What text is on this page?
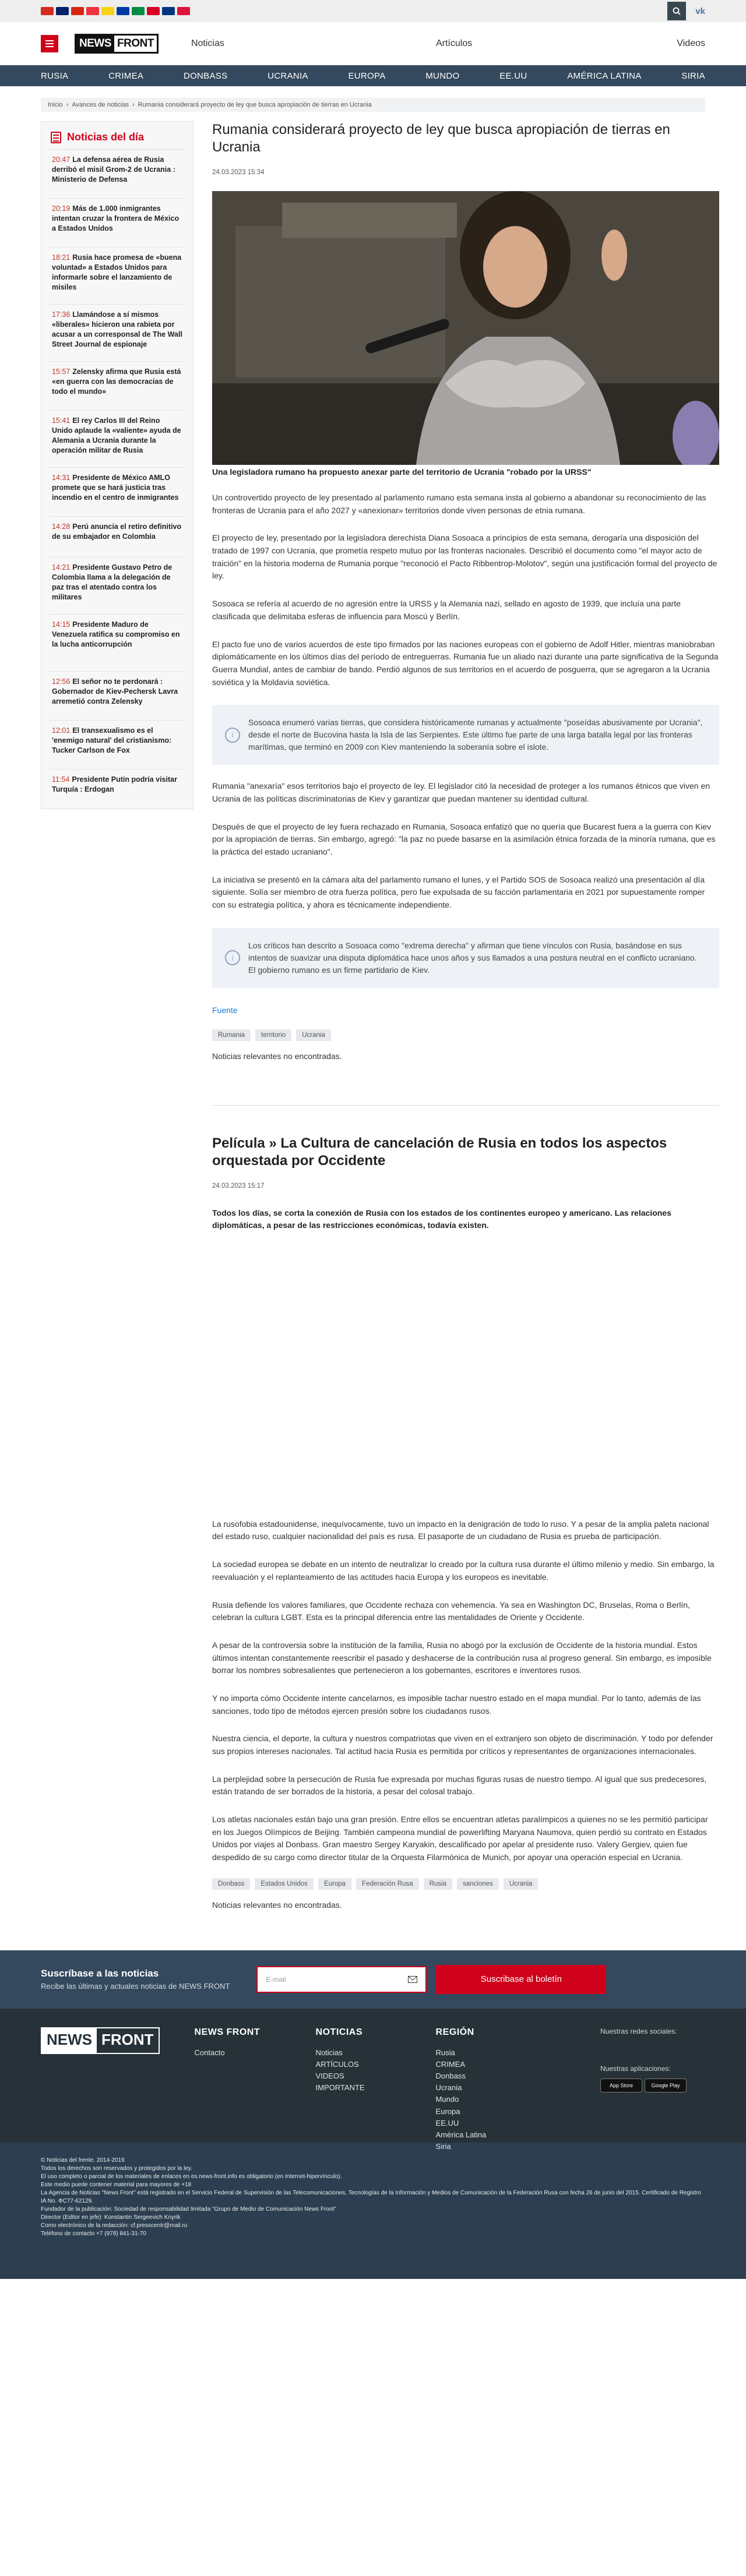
vk
NEWS FRONT	Noticias	Artículos	Videos
RUSIA	CRIMEA	DONBASS	UCRANIA	EUROPA	MUNDO	EE.UU	AMÉRICA LATINA	SIRIA
Inicio › Avances de noticias › Rumania considerará proyecto de ley que busca apropiación de tierras en Ucrania
Noticias del día
20:47 La defensa aérea de Rusia derribó el misil Grom-2 de Ucrania : Ministerio de Defensa
20:19 Más de 1.000 inmigrantes intentan cruzar la frontera de México a Estados Unidos
18:21 Rusia hace promesa de «buena voluntad» a Estados Unidos para informarle sobre el lanzamiento de misiles
17:36 Llamándose a sí mismos «liberales» hicieron una rabieta por acusar a un corresponsal de The Wall Street Journal de espionaje
15:57 Zelensky afirma que Rusia está «en guerra con las democracias de todo el mundo»
15:41 El rey Carlos III del Reino Unido aplaude la «valiente» ayuda de Alemania a Ucrania durante la operación militar de Rusia
14:31 Presidente de México AMLO promete que se hará justicia tras incendio en el centro de inmigrantes
14:28 Perú anuncia el retiro definitivo de su embajador en Colombia
14:21 Presidente Gustavo Petro de Colombia llama a la delegación de paz tras el atentado contra los militares
14:15 Presidente Maduro de Venezuela ratifica su compromiso en la lucha anticorrupción
12:56 El señor no te perdonará : Gobernador de Kiev-Pechersk Lavra arremetió contra Zelensky
12:01 El transexualismo es el 'enemigo natural' del cristianismo: Tucker Carlson de Fox
11:54 Presidente Putin podría visitar Turquía : Erdogan
Rumania considerará proyecto de ley que busca apropiación de tierras en Ucrania
24.03.2023 15:34
Una legisladora rumano ha propuesto anexar parte del territorio de Ucrania "robado por la URSS"

Un controvertido proyecto de ley presentado al parlamento rumano esta semana insta al gobierno a abandonar su reconocimiento de las fronteras de Ucrania para el año 2027 y «anexionar» territorios donde viven personas de etnia rumana.

El proyecto de ley, presentado por la legisladora derechista Diana Sosoaca a principios de esta semana, derogaría una disposición del tratado de 1997 con Ucrania, que prometía respeto mutuo por las fronteras nacionales. Describió el documento como "el mayor acto de traición" en la historia moderna de Rumania porque "reconoció el Pacto Ribbentrop-Molotov", según una justificación formal del proyecto de ley.

Sosoaca se refería al acuerdo de no agresión entre la URSS y la Alemania nazi, sellado en agosto de 1939, que incluía una parte clasificada que delimitaba esferas de influencia para Moscú y Berlín.

El pacto fue uno de varios acuerdos de este tipo firmados por las naciones europeas con el gobierno de Adolf Hitler, mientras maniobraban diplomáticamente en los últimos días del período de entreguerras. Rumania fue un aliado nazi durante una parte significativa de la Segunda Guerra Mundial, antes de cambiar de bando. Perdió algunos de sus territorios en el acuerdo de posguerra, que se agregaron a la Ucrania soviética y la Moldavia soviética.

i
Sosoaca enumeró varias tierras, que considera históricamente rumanas y actualmente "poseídas abusivamente por Ucrania", desde el norte de Bucovina hasta la Isla de las Serpientes. Este último fue parte de una larga batalla legal por las fronteras marítimas, que terminó en 2009 con Kiev manteniendo la soberanía sobre el islote.

Rumania "anexaría" esos territorios bajo el proyecto de ley. El legislador citó la necesidad de proteger a los rumanos étnicos que viven en Ucrania de las políticas discriminatorias de Kiev y garantizar que puedan mantener su identidad cultural.

Después de que el proyecto de ley fuera rechazado en Rumania, Sosoaca enfatizó que no quería que Bucarest fuera a la guerra con Kiev por la apropiación de tierras. Sin embargo, agregó: "la paz no puede basarse en la asimilación étnica forzada de la minoría rumana, que es la práctica del estado ucraniano".

La iniciativa se presentó en la cámara alta del parlamento rumano el lunes, y el Partido SOS de Sosoaca realizó una presentación al día siguiente. Solía ser miembro de otra fuerza política, pero fue expulsada de su facción parlamentaria en 2021 por supuestamente romper con su estrategia política, y ahora es técnicamente independiente.

i
Los críticos han descrito a Sosoaca como "extrema derecha" y afirman que tiene vínculos con Rusia, basándose en sus intentos de suavizar una disputa diplomática hace unos años y sus llamados a una postura neutral en el conflicto ucraniano. El gobierno rumano es un firme partidario de Kiev.
Fuente
Rumania	territorio	Ucrania

Noticias relevantes no encontradas.

Película » La Cultura de cancelación de Rusia en todos los aspectos orquestada por Occidente
24.03.2023 15:17

Todos los días, se corta la conexión de Rusia con los estados de los continentes europeo y americano. Las relaciones diplomáticas, a pesar de las restricciones económicas, todavía existen.

La rusofobia estadounidense, inequívocamente, tuvo un impacto en la denigración de todo lo ruso. Y a pesar de la amplia paleta nacional del estado ruso, cualquier nacionalidad del país es rusa. El pasaporte de un ciudadano de Rusia es prueba de participación.

La sociedad europea se debate en un intento de neutralizar lo creado por la cultura rusa durante el último milenio y medio. Sin embargo, la reevaluación y el replanteamiento de las actitudes hacia Europa y los europeos es inevitable.

Rusia defiende los valores familiares, que Occidente rechaza con vehemencia. Ya sea en Washington DC, Bruselas, Roma o Berlín, celebran la cultura LGBT. Esta es la principal diferencia entre las mentalidades de Oriente y Occidente.

A pesar de la controversia sobre la institución de la familia, Rusia no abogó por la exclusión de Occidente de la historia mundial. Estos últimos intentan constantemente reescribir el pasado y deshacerse de la contribución rusa al progreso general. Sin embargo, es imposible borrar los nombres sobresalientes que pertenecieron a los gobernantes, escritores e inventores rusos.

Y no importa cómo Occidente intente cancelarnos, es imposible tachar nuestro estado en el mapa mundial. Por lo tanto, además de las sanciones, todo tipo de métodos ejercen presión sobre los ciudadanos rusos.

Nuestra ciencia, el deporte, la cultura y nuestros compatriotas que viven en el extranjero son objeto de discriminación. Y todo por defender sus propios intereses nacionales. Tal actitud hacia Rusia es permitida por críticos y representantes de organizaciones internacionales.

La perplejidad sobre la persecución de Rusia fue expresada por muchas figuras rusas de nuestro tiempo. Al igual que sus predecesores, están tratando de ser borrados de la historia, a pesar del colosal trabajo.

Los atletas nacionales están bajo una gran presión. Entre ellos se encuentran atletas paralímpicos a quienes no se les permitió participar en los Juegos Olímpicos de Beijing. También campeona mundial de powerlifting Maryana Naumova, quien perdió su contrato en Estados Unidos por viajes al Donbass. Gran maestro Sergey Karyakin, descalificado por apelar al presidente ruso. Valery Gergiev, quien fue despedido de su cargo como director titular de la Orquesta Filarmónica de Munich, por apoyar una operación especial en Ucrania.

Donbass	Estados Unidos	Europa	Federación Rusa	Rusia	sanciones	Ucrania

Noticias relevantes no encontradas.

Suscríbase a las noticias

Recibe las últimas y actuales noticias de NEWS FRONT

E-mail	Suscribase al boletín
NEWS FRONT	NEWS FRONT
Contacto
NOTICIAS
Noticias
ARTÍCULOS
VIDEOS
IMPORTANTE
REGIÓN
Rusia
CRIMEA
Donbass
Ucrania
Mundo
Europa
EE.UU
América Latina
Siria

Nuestras redes sociales:

Nuestras aplicaciones:

App Store	Google Play
© Noticias del frente. 2014-2019
Todos los derechos son reservados y protegidos por la ley.
El uso completo o parcial de los materiales de enlaces en es.news-front.info es obligatorio (en Internet-hipervínculo).
Este medio puede contener material para mayores de +18
La Agencia de Noticias "News Front" está registrado en el Servicio Federal de Supervisión de las Telecomunicaciones, Tecnologías de la Información y Medios de Comunicación de la Federación Rusa con fecha 26 de junio del 2015. Certificado de Registro IA No. ФС77-62129.
Fundador de la publicación: Sociedad de responsabilidad limitada "Grupo de Medio de Comunicación News Front"
Director (Editor en jefe): Konstantin Sergeevich Knyrik
Como electrónico de la redacción: cf.presscentr@mail.ru
Teléfono de contacto +7 (978) 841-31-70
